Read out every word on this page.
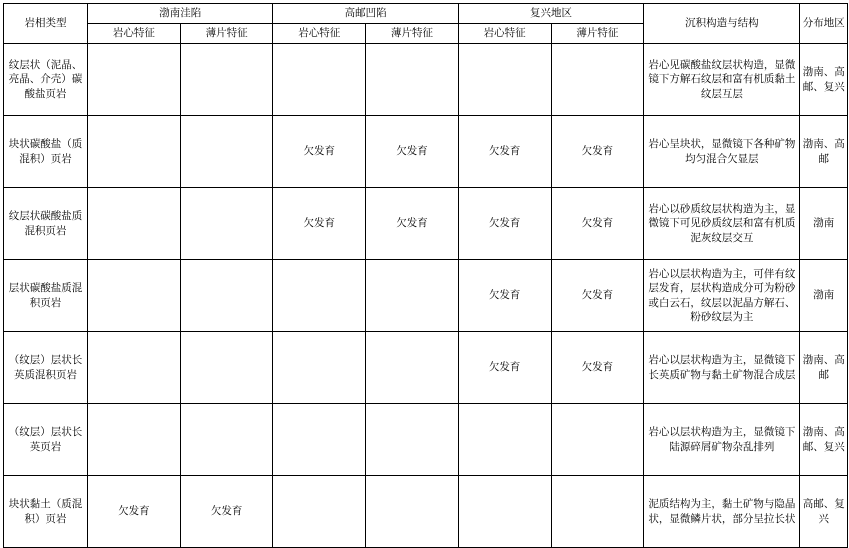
岩相类型	渤南洼陷		高邮凹陷		复兴地区		沉积构造与结构	分布地区
	岩心特征	薄片特征	岩心特征	薄片特征	岩心特征	薄片特征		
纹层状（泥晶、亮晶、介壳）碳酸盐页岩							岩心见碳酸盐纹层状构造，显微镜下方解石纹层和富有机质黏土纹层互层	渤南、高邮、复兴
块状碳酸盐（质混积）页岩			欠发育	欠发育	欠发育	欠发育	岩心呈块状，显微镜下各种矿物均匀混合欠显层	渤南、高邮
纹层状碳酸盐质混积页岩			欠发育	欠发育	欠发育	欠发育	岩心以砂质纹层状构造为主，显微镜下可见砂质纹层和富有机质泥灰纹层交互	渤南
层状碳酸盐质混积页岩					欠发育	欠发育	岩心以层状构造为主，可伴有纹层发育，层状构造成分可为粉砂或白云石，纹层以泥晶方解石、粉砂纹层为主	渤南
（纹层）层状长英质混积页岩					欠发育	欠发育	岩心以层状构造为主，显微镜下长英质矿物与黏土矿物混合成层	渤南、高邮
（纹层）层状长英页岩							岩心以层状构造为主，显微镜下陆源碎屑矿物杂乱排列	渤南、高邮、复兴
块状黏土（质混积）页岩	欠发育	欠发育					泥质结构为主，黏土矿物与隐晶状，显微鳞片状，部分呈拉长状	高邮、复兴
